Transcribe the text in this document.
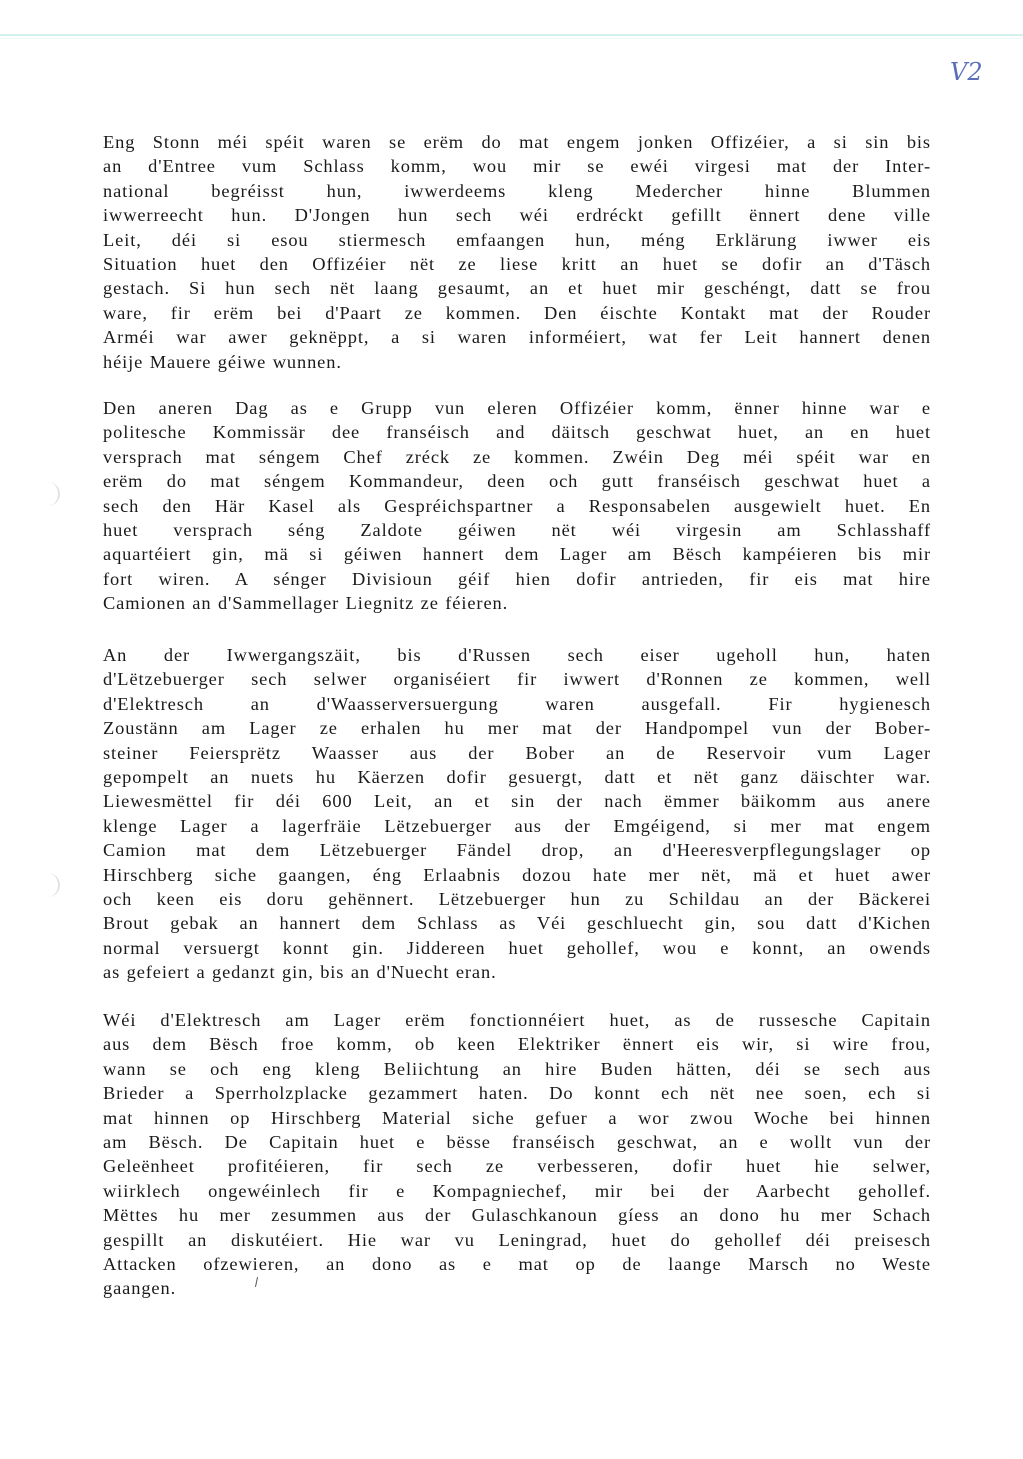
Ⅴ2

Eng Stonn méi spéit waren se erëm do mat engem jonken Offizéier, a si sin bis
an d'Entree vum Schlass komm, wou mir se ewéi virgesi mat der Inter-
national begréisst hun, iwwerdeems kleng Medercher hinne Blummen
iwwerreecht hun. D'Jongen hun sech wéi erdréckt gefillt ënnert dene ville
Leit, déi si esou stiermesch emfaangen hun, méng Erklärung iwwer eis
Situation huet den Offizéier nët ze liese kritt an huet se dofir an d'Täsch
gestach. Si hun sech nët laang gesaumt, an et huet mir geschéngt, datt se frou
ware, fir erëm bei d'Paart ze kommen. Den éischte Kontakt mat der Rouder
Arméi war awer geknëppt, a si waren informéiert, wat fer Leit hannert denen
héije Mauere géiwe wunnen.

Den aneren Dag as e Grupp vun eleren Offizéier komm, ënner hinne war e
politesche Kommissär dee franséisch and däitsch geschwat huet, an en huet
versprach mat séngem Chef zréck ze kommen. Zwéin Deg méi spéit war en
erëm do mat séngem Kommandeur, deen och gutt franséisch geschwat huet a
sech den Här Kasel als Gespréichspartner a Responsabelen ausgewielt huet. En
huet versprach séng Zaldote géiwen nët wéi virgesin am Schlasshaff
aquartéiert gin, mä si géiwen hannert dem Lager am Bësch kampéieren bis mir
fort wiren. A sénger Divisioun géif hien dofir antrieden, fir eis mat hire
Camionen an d'Sammellager Liegnitz ze féieren.

An der Iwwergangszäit, bis d'Russen sech eiser ugeholl hun, haten
d'Lëtzebuerger sech selwer organiséiert fir iwwert d'Ronnen ze kommen, well
d'Elektresch an d'Waasserversuergung waren ausgefall. Fir hygienesch
Zoustänn am Lager ze erhalen hu mer mat der Handpompel vun der Bober-
steiner Feiersprëtz Waasser aus der Bober an de Reservoir vum Lager
gepompelt an nuets hu Käerzen dofir gesuergt, datt et nët ganz däischter war.
Liewesmëttel fir déi 600 Leit, an et sin der nach ëmmer bäikomm aus anere
klenge Lager a lagerfräie Lëtzebuerger aus der Emgéigend, si mer mat engem
Camion mat dem Lëtzebuerger Fändel drop, an d'Heeresverpflegungslager op
Hirschberg siche gaangen, éng Erlaabnis dozou hate mer nët, mä et huet awer
och keen eis doru gehënnert. Lëtzebuerger hun zu Schildau an der Bäckerei
Brout gebak an hannert dem Schlass as Véi geschluecht gin, sou datt d'Kichen
normal versuergt konnt gin. Jiddereen huet gehollef, wou e konnt, an owends
as gefeiert a gedanzt gin, bis an d'Nuecht eran.

Wéi d'Elektresch am Lager erëm fonctionnéiert huet, as de russesche Capitain
aus dem Bësch froe komm, ob keen Elektriker ënnert eis wir, si wire frou,
wann se och eng kleng Beliichtung an hire Buden hätten, déi se sech aus
Brieder a Sperrholzplacke gezammert haten. Do konnt ech nët nee soen, ech si
mat hinnen op Hirschberg Material siche gefuer a wor zwou Woche bei hinnen
am Bësch. De Capitain huet e bësse franséisch geschwat, an e wollt vun der
Geleënheet profitéieren, fir sech ze verbesseren, dofir huet hie selwer,
wiirklech ongewéinlech fir e Kompagniechef, mir bei der Aarbecht gehollef.
Mëttes hu mer zesummen aus der Gulaschkanoun gíess an dono hu mer Schach
gespillt an diskutéiert. Hie war vu Leningrad, huet do gehollef déi preisesch
Attacken ofzewieren, an dono as e mat op de laange Marsch no Weste
gaangen.
